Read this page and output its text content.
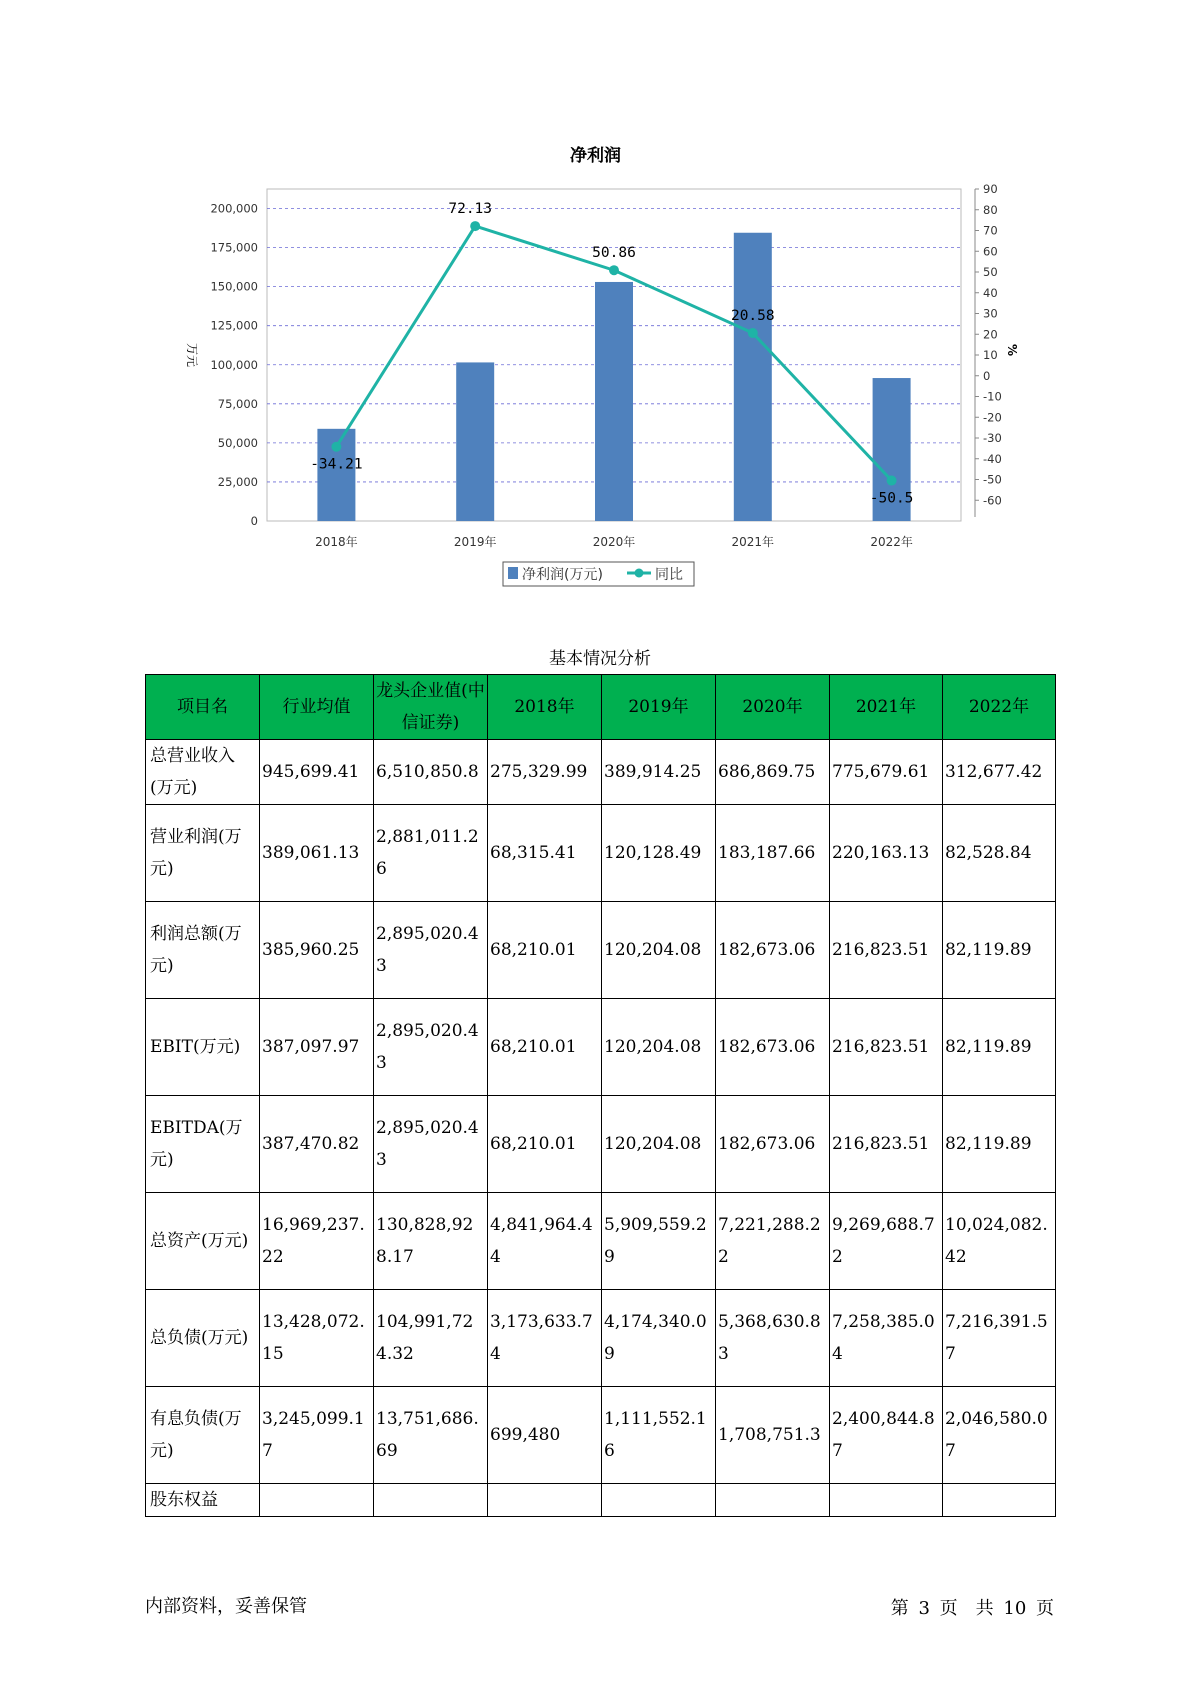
净利润
0
25,000
50,000
75,000
100,000
125,000
150,000
175,000
200,000
90
80
70
60
50
40
30
20
10
0
-10
-20
-30
-40
-50
-60
万元	%
2018年	2019年	2020年	2021年	2022年
-34.21
72.13
50.86
20.58
-50.5
净利润(万元)	同比
基本情况分析
项目名	行业均值	龙头企业值(中信证券)	2018年	2019年	2020年	2021年	2022年
总营业收入(万元)	945,699.41	6,510,850.8	275,329.99	389,914.25	686,869.75	775,679.61	312,677.42
营业利润(万元)	389,061.13	2,881,011.26	68,315.41	120,128.49	183,187.66	220,163.13	82,528.84
利润总额(万元)	385,960.25	2,895,020.43	68,210.01	120,204.08	182,673.06	216,823.51	82,119.89
EBIT(万元)	387,097.97	2,895,020.43	68,210.01	120,204.08	182,673.06	216,823.51	82,119.89
EBITDA(万元)	387,470.82	2,895,020.43	68,210.01	120,204.08	182,673.06	216,823.51	82,119.89
总资产(万元)	16,969,237.22	130,828,928.17	4,841,964.44	5,909,559.29	7,221,288.22	9,269,688.72	10,024,082.42
总负债(万元)	13,428,072.15	104,991,724.32	3,173,633.74	4,174,340.09	5,368,630.83	7,258,385.04	7,216,391.57
有息负债(万元)	3,245,099.17	13,751,686.69	699,480	1,111,552.16	1,708,751.3	2,400,844.87	2,046,580.07
股东权益							
内部资料，妥善保管	第 3 页　共 10 页
